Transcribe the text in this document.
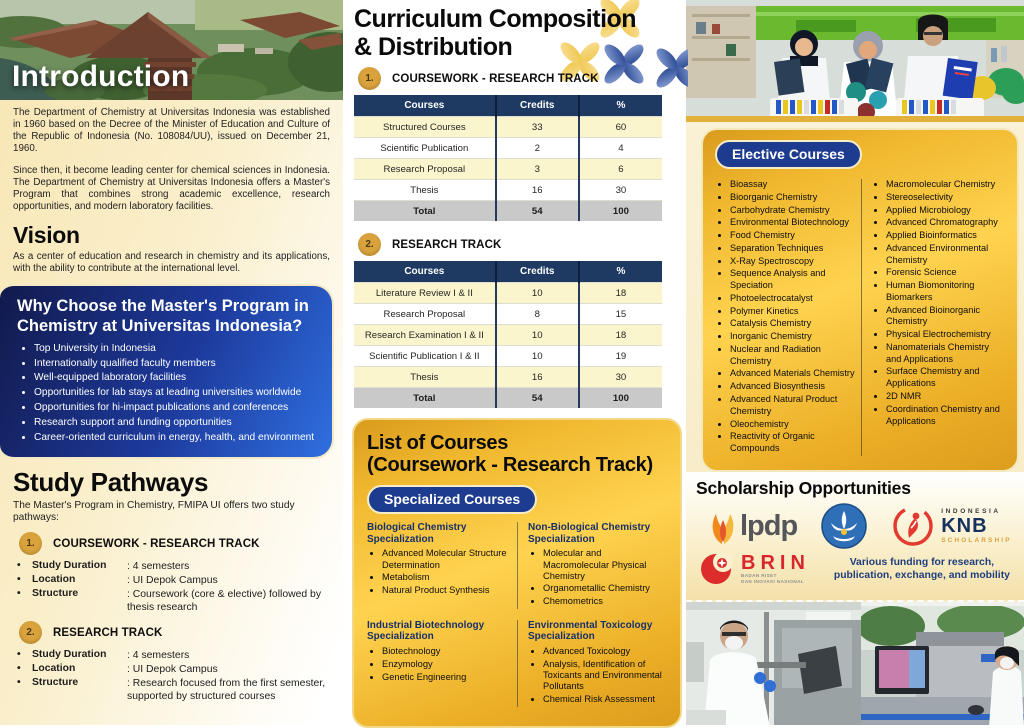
Introduction

The Department of Chemistry at Universitas Indonesia was established in 1960 based on the Decree of the Minister of Education and Culture of the Republic of Indonesia (No. 108084/UU), issued on December 21, 1960.

Since then, it become leading center for chemical sciences in Indonesia. The Department of Chemistry at Universitas Indonesia offers a Master's Program that combines strong academic excellence, research opportunities, and modern laboratory facilities.

Vision

As a center of education and research in chemistry and its applications, with the ability to contribute at the international level.

Why Choose the Master's Program in Chemistry at Universitas Indonesia?
• Top University in Indonesia
• Internationally qualified faculty members
• Well-equipped laboratory facilities
• Opportunities for lab stays at leading universities worldwide
• Opportunities for hi-impact publications and conferences
• Research support and funding opportunities
• Career-oriented curriculum in energy, health, and environment
Study Pathways

The Master's Program in Chemistry, FMIPA UI offers two study pathways:

1.	COURSEWORK - RESEARCH TRACK
•	Study Duration	: 4 semesters
•	Location	: UI Depok Campus
•	Structure	: Coursework (core & elective) followed by thesis research
2.	RESEARCH TRACK
•	Study Duration	: 4 semesters
•	Location	: UI Depok Campus
•	Structure	: Research focused from the first semester, supported by structured courses
Curriculum Composition
& Distribution
1.	COURSEWORK - RESEARCH TRACK
Courses	Credits	%
Structured Courses	33	60
Scientific Publication	2	4
Research Proposal	3	6
Thesis	16	30
Total	54	100
2.	RESEARCH TRACK
Courses	Credits	%
Literature Review I & II	10	18
Research Proposal	8	15
Research Examination I & II	10	18
Scientific Publication I & II	10	19
Thesis	16	30
Total	54	100
List of Courses
(Coursework - Research Track)
Specialized Courses
Biological Chemistry Specialization
• Advanced Molecular Structure Determination
• Metabolism
• Natural Product Synthesis
Non-Biological Chemistry Specialization
• Molecular and Macromolecular Physical Chemistry
• Organometallic Chemistry
• Chemometrics
Industrial Biotechnology Specialization
• Biotechnology
• Enzymology
• Genetic Engineering
Environmental Toxicology Specialization
• Advanced Toxicology
• Analysis, Identification of Toxicants and Environmental Pollutants
• Chemical Risk Assessment
Elective Courses
• Bioassay
• Bioorganic Chemistry
• Carbohydrate Chemistry
• Environmental Biotechnology
• Food Chemistry
• Separation Techniques
• X-Ray Spectroscopy
• Sequence Analysis and Speciation
• Photoelectrocatalyst
• Polymer Kinetics
• Catalysis Chemistry
• Inorganic Chemistry
• Nuclear and Radiation Chemistry
• Advanced Materials Chemistry
• Advanced Biosynthesis
• Advanced Natural Product Chemistry
• Oleochemistry
• Reactivity of Organic Compounds
• Macromolecular Chemistry
• Stereoselectivity
• Applied Microbiology
• Advanced Chromatography
• Applied Bioinformatics
• Advanced Environmental Chemistry
• Forensic Science
• Human Biomonitoring Biomarkers
• Advanced Bioinorganic Chemistry
• Physical Electrochemistry
• Nanomaterials Chemistry and Applications
• Surface Chemistry and Applications
• 2D NMR
• Coordination Chemistry and Applications
Scholarship Opportunities
lpdp	INDONESIA
KNB
SCHOLARSHIP
BRIN
BADAN RISET
DAN INOVASI NASIONAL
Various funding for research, publication, exchange, and mobility
